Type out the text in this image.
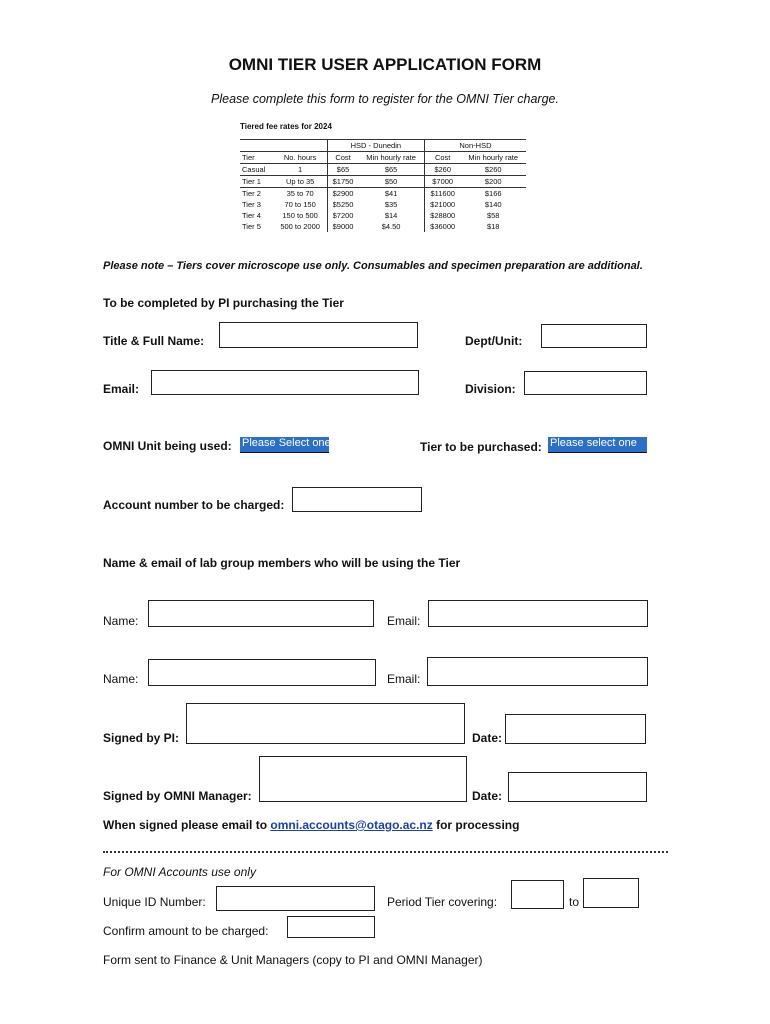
OMNI TIER USER APPLICATION FORM
Please complete this form to register for the OMNI Tier charge.
Tiered fee rates for 2024
		HSD - Dunedin		Non-HSD	
Tier	No. hours	Cost	Min hourly rate	Cost	Min hourly rate
Casual	1	$65	$65	$260	$260
Tier 1	Up to 35	$1750	$50	$7000	$200
Tier 2	35 to 70	$2900	$41	$11600	$166
Tier 3	70 to 150	$5250	$35	$21000	$140
Tier 4	150 to 500	$7200	$14	$28800	$58
Tier 5	500 to 2000	$9000	$4.50	$36000	$18
Please note – Tiers cover microscope use only. Consumables and specimen preparation are additional.
To be completed by PI purchasing the Tier
Title & Full Name:	Dept/Unit:
Email:	Division:
OMNI Unit being used: Please Select one	Tier to be purchased: Please select one
Account number to be charged:
Name & email of lab group members who will be using the Tier
Name:	Email:
Name:	Email:
Signed by PI:	Date:
Signed by OMNI Manager:	Date:
When signed please email to omni.accounts@otago.ac.nz for processing
For OMNI Accounts use only
Unique ID Number:	Period Tier covering:	to
Confirm amount to be charged:
Form sent to Finance & Unit Managers (copy to PI and OMNI Manager)
